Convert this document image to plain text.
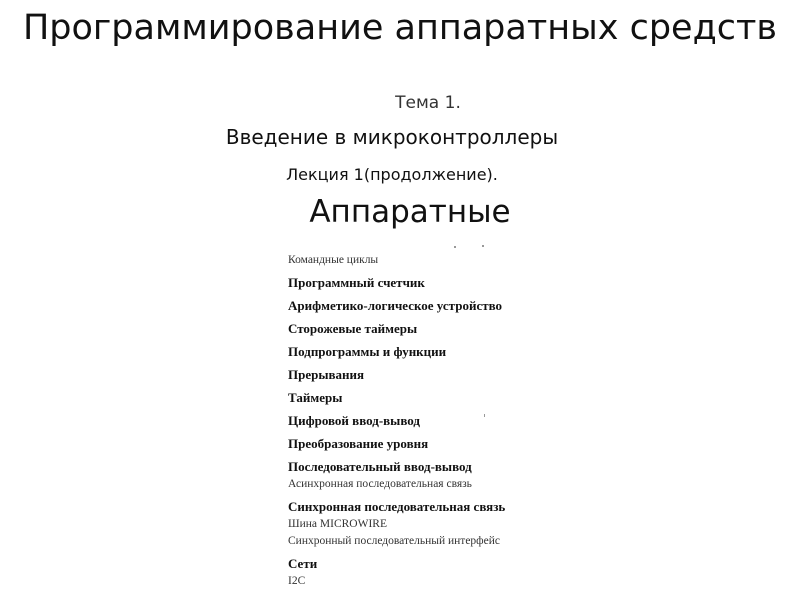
Программирование аппаратных средств
Тема 1.
Введение в микроконтроллеры
Лекция 1(продолжение).
Аппаратные
Командные циклы
Программный счетчик
Арифметико-логическое устройство
Сторожевые таймеры
Подпрограммы и функции
Прерывания
Таймеры
Цифровой ввод-вывод
Преобразование уровня
Последовательный ввод-вывод
Асинхронная последовательная связь
Синхронная последовательная связь
Шина MICROWIRE
Синхронный последовательный интерфейс
Сети
I2C
